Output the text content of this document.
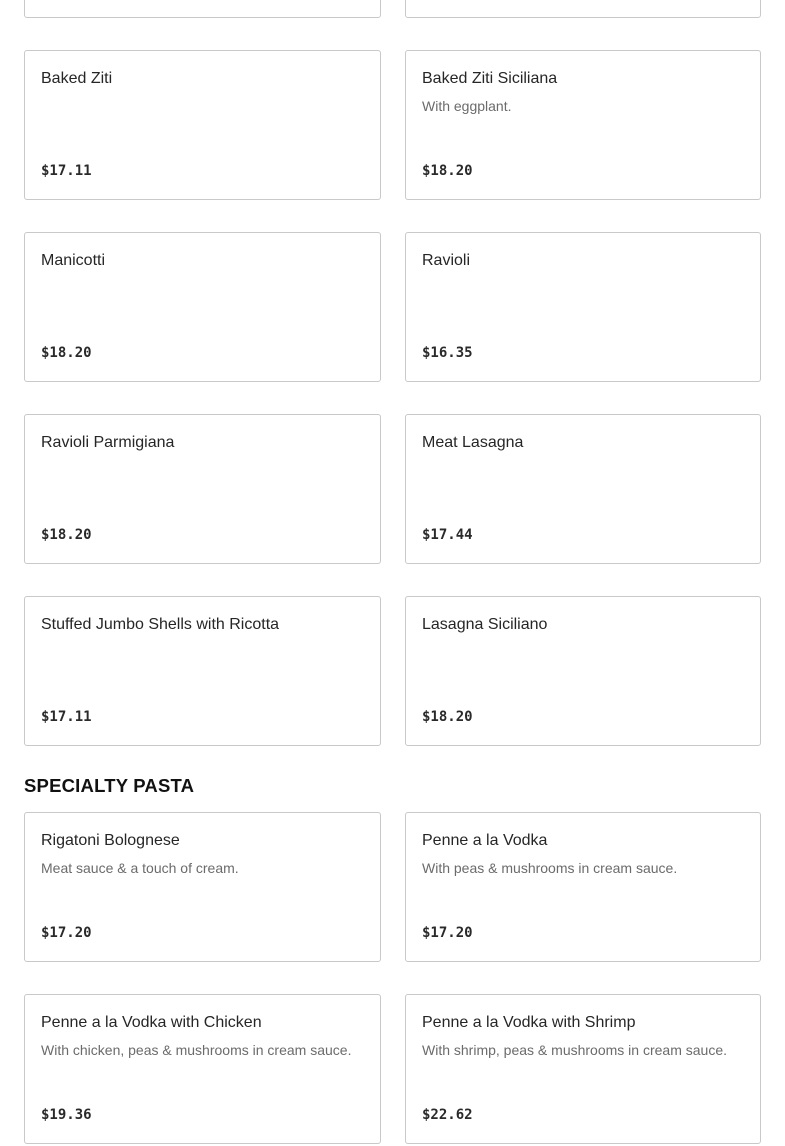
Baked Ziti
$17.11
Baked Ziti Siciliana
With eggplant.
$18.20
Manicotti
$18.20
Ravioli
$16.35
Ravioli Parmigiana
$18.20
Meat Lasagna
$17.44
Stuffed Jumbo Shells with Ricotta
$17.11
Lasagna Siciliano
$18.20
SPECIALTY PASTA
Rigatoni Bolognese
Meat sauce & a touch of cream.
$17.20
Penne a la Vodka
With peas & mushrooms in cream sauce.
$17.20
Penne a la Vodka with Chicken
With chicken, peas & mushrooms in cream sauce.
$19.36
Penne a la Vodka with Shrimp
With shrimp, peas & mushrooms in cream sauce.
$22.62
